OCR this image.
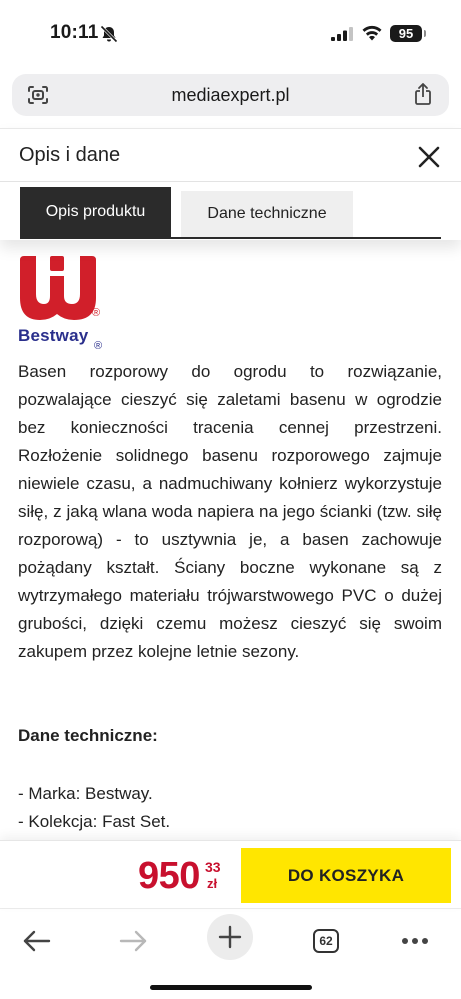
10:11	95
mediaexpert.pl
Opis i dane
Opis produktu	Dane techniczne
®
Bestway
®

Basen rozporowy do ogrodu to rozwiązanie, pozwalające cieszyć się zaletami basenu w ogrodzie bez konieczności tracenia cennej przestrzeni. Rozłożenie solidnego basenu rozporowego zajmuje niewiele czasu, a nadmuchiwany kołnierz wykorzystuje siłę, z jaką wlana woda napiera na jego ścianki (tzw. siłę rozporową) - to usztywnia je, a basen zachowuje pożądany kształt. Ściany boczne wykonane są z wytrzymałego materiału trójwarstwowego PVC o dużej grubości, dzięki czemu możesz cieszyć się swoim zakupem przez kolejne letnie sezony.

Dane techniczne:
- Marka: Bestway.
- Kolekcja: Fast Set.
950 33
zł	DO KOSZYKA
62
